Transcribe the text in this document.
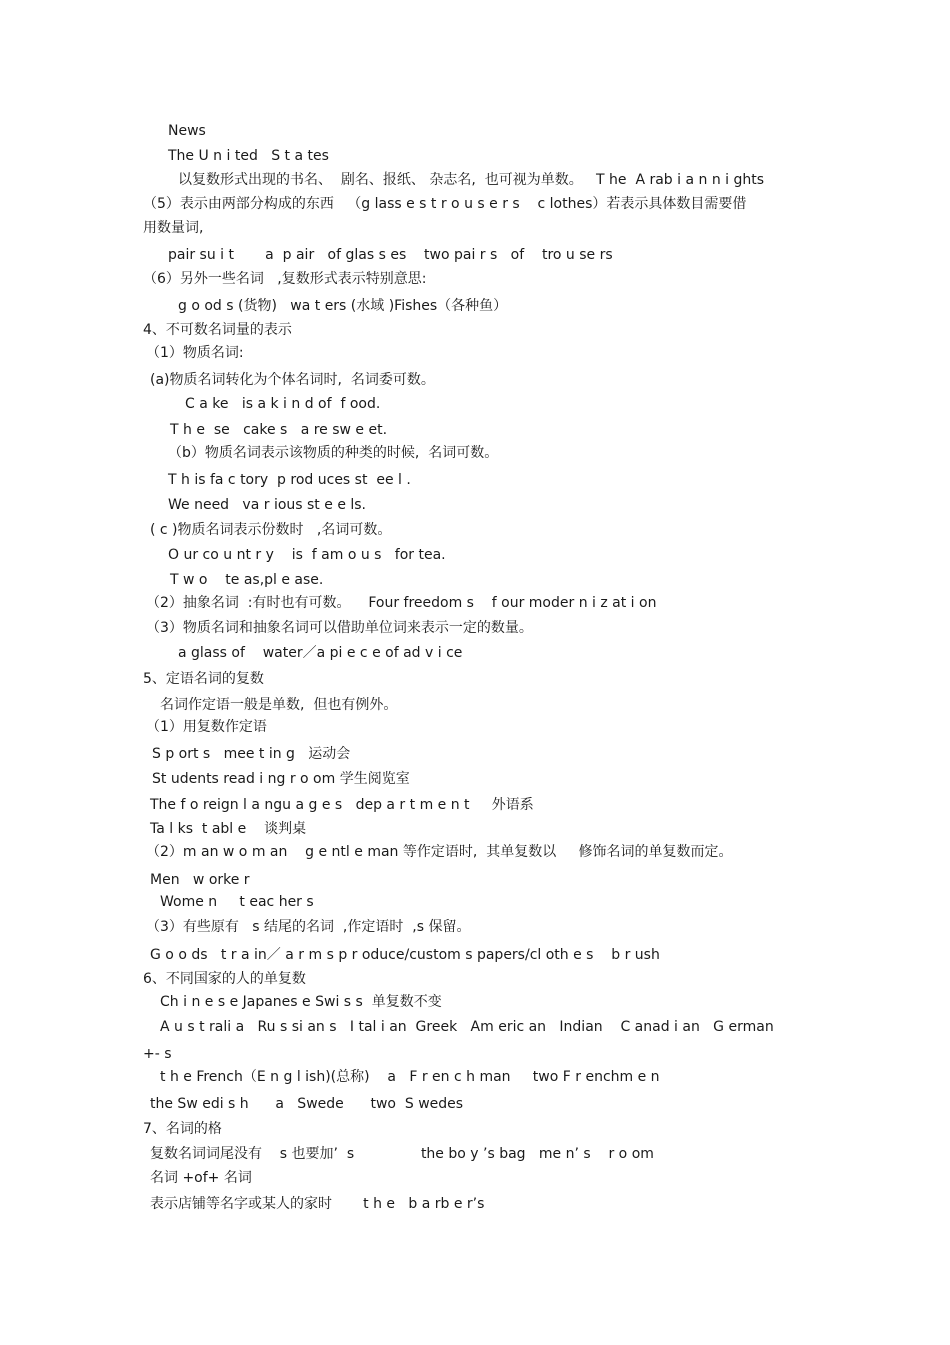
News
The U n i ted   S t a tes
以复数形式出现的书名、  剧名、报纸、 杂志名,  也可视为单数。   T he  A rab i a n n i ghts
（5）表示由两部分构成的东西   （g lass e s t r o u s e r s    c lothes）若表示具体数目需要借
用数量词,
pair su i t       a  p air   of glas s es    two pai r s   of    tro u se rs
（6）另外一些名词   ,复数形式表示特别意思:
g o od s (货物)   wa t ers (水域 )Fishes（各种鱼）
4、不可数名词量的表示
（1）物质名词:
(a)物质名词转化为个体名词时,  名词委可数。
C a ke   is a k i n d of  f ood.
T h e  se   cake s   a re sw e et.
（b）物质名词表示该物质的种类的时候,  名词可数。
T h is fa c tory  p rod uces st  ee l .
We need   va r ious st e e ls.
( c )物质名词表示份数时   ,名词可数。
O ur co u nt r y    is  f am o u s   for tea.
T w o    te as,pl e ase.
（2）抽象名词  :有时也有可数。    Four freedom s    f our moder n i z at i on
（3）物质名词和抽象名词可以借助单位词来表示一定的数量。
a glass of    water／a pi e c e of ad v i ce
5、定语名词的复数
名词作定语一般是单数,  但也有例外。
（1）用复数作定语
S p ort s   mee t in g   运动会
St udents read i ng r o om 学生阅览室
The f o reign l a ngu a g e s   dep a r t m e n t     外语系
Ta l ks  t abl e    谈判桌
（2）m an w o m an    g e ntl e man 等作定语时,  其单复数以     修饰名词的单复数而定。
Men   w orke r
Wome n     t eac her s
（3）有些原有   s 结尾的名词  ,作定语时  ,s 保留。
G o o ds   t r a in／ a r m s p r oduce/custom s papers/cl oth e s    b r ush
6、不同国家的人的单复数
Ch i n e s e Japanes e Swi s s  单复数不变
A u s t rali a   Ru s si an s   I tal i an  Greek   Am eric an   Indian    C anad i an   G erman
+- s
t h e French（E n g l ish)(总称)    a   F r en c h man     two F r enchm e n
the Sw edi s h      a   Swede      two  S wedes
7、名词的格
复数名词词尾没有    s 也要加’  s               the bo y ’s bag   me n’ s    r o om
名词 +of+ 名词
表示店铺等名字或某人的家时       t h e   b a rb e r’s
